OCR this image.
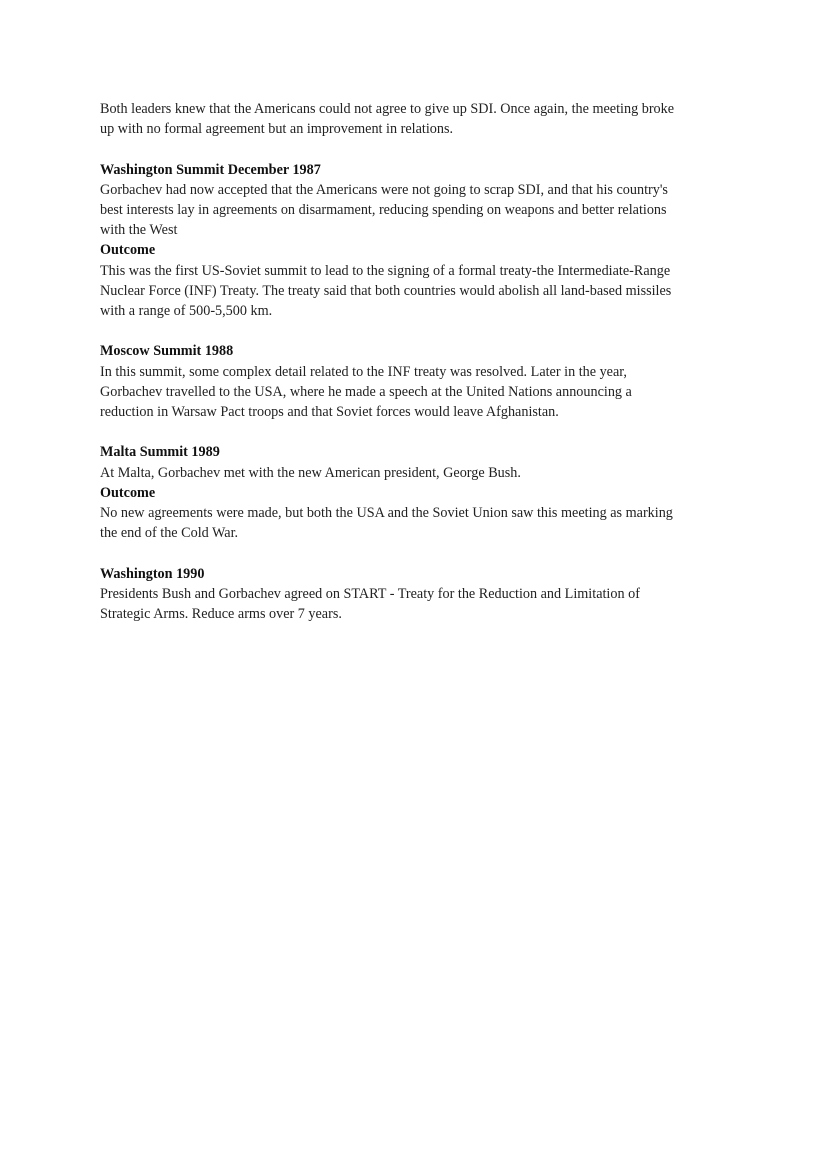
Both leaders knew that the Americans could not agree to give up SDI. Once again, the meeting broke
up with no formal agreement but an improvement in relations.
Washington Summit December 1987
Gorbachev had now accepted that the Americans were not going to scrap SDI, and that his country's
best interests lay in agreements on disarmament, reducing spending on weapons and better relations
with the West
Outcome
This was the first US-Soviet summit to lead to the signing of a formal treaty-the Intermediate-Range
Nuclear Force (INF) Treaty. The treaty said that both countries would abolish all land-based missiles
with a range of 500-5,500 km.
Moscow Summit 1988
In this summit, some complex detail related to the INF treaty was resolved. Later in the year,
Gorbachev travelled to the USA, where he made a speech at the United Nations announcing a
reduction in Warsaw Pact troops and that Soviet forces would leave Afghanistan.
Malta Summit 1989
At Malta, Gorbachev met with the new American president, George Bush.
Outcome
No new agreements were made, but both the USA and the Soviet Union saw this meeting as marking
the end of the Cold War.
Washington 1990
Presidents Bush and Gorbachev agreed on START - Treaty for the Reduction and Limitation of
Strategic Arms. Reduce arms over 7 years.
